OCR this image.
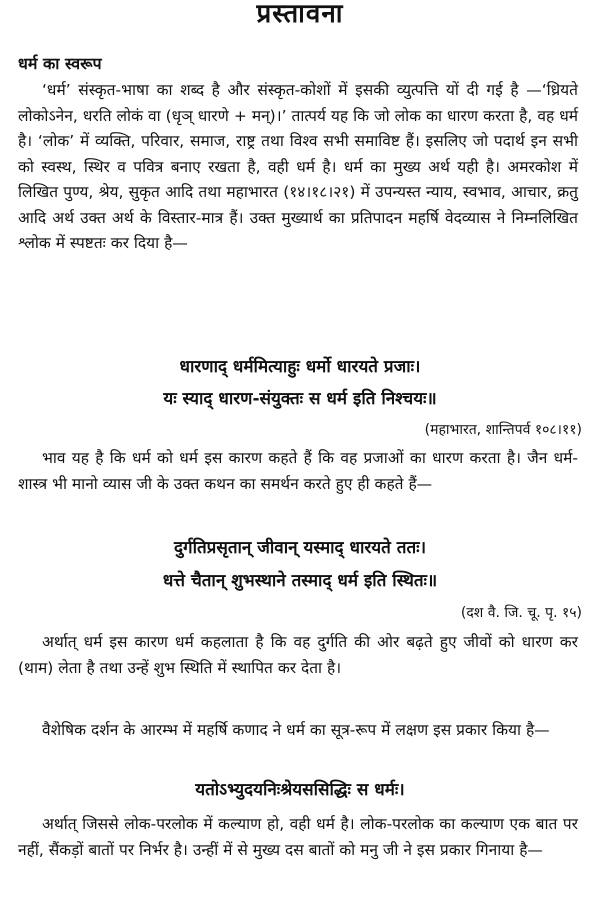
प्रस्तावना
धर्म का स्वरूप
‘धर्म’ संस्कृत-भाषा का शब्द है और संस्कृत-कोशों में इसकी व्युत्पत्ति यों दी गई है —‘ध्रियते लोकोऽनेन, धरति लोकं वा (धृञ् धारणे + मन्)।’ तात्पर्य यह कि जो लोक का धारण करता है, वह धर्म है। ‘लोक’ में व्यक्ति, परिवार, समाज, राष्ट्र तथा विश्व सभी समाविष्ट हैं। इसलिए जो पदार्थ इन सभी को स्वस्थ, स्थिर व पवित्र बनाए रखता है, वही धर्म है। धर्म का मुख्य अर्थ यही है। अमरकोश में लिखित पुण्य, श्रेय, सुकृत आदि तथा महाभारत (१४।१८।२१) में उपन्यस्त न्याय, स्वभाव, आचार, क्रतु आदि अर्थ उक्त अर्थ के विस्तार-मात्र हैं। उक्त मुख्यार्थ का प्रतिपादन महर्षि वेदव्यास ने निम्नलिखित श्लोक में स्पष्टतः कर दिया है—
धारणाद् धर्ममित्याहुः धर्मो धारयते प्रजाः।
यः स्याद् धारण-संयुक्तः स धर्म इति निश्चयः॥
(महाभारत, शान्तिपर्व १०८।११)
भाव यह है कि धर्म को धर्म इस कारण कहते हैं कि वह प्रजाओं का धारण करता है। जैन धर्म-शास्त्र भी मानो व्यास जी के उक्त कथन का समर्थन करते हुए ही कहते हैं—
दुर्गतिप्रसृतान् जीवान् यस्माद् धारयते ततः।
धत्ते चैतान् शुभस्थाने तस्माद् धर्म इति स्थितः॥
(दश वै. जि. चू. पृ. १५)
अर्थात् धर्म इस कारण धर्म कहलाता है कि वह दुर्गति की ओर बढ़ते हुए जीवों को धारण कर (थाम) लेता है तथा उन्हें शुभ स्थिति में स्थापित कर देता है।
वैशेषिक दर्शन के आरम्भ में महर्षि कणाद ने धर्म का सूत्र-रूप में लक्षण इस प्रकार किया है—
यतोऽभ्युदयनिःश्रेयससिद्धिः स धर्मः।
अर्थात् जिससे लोक-परलोक में कल्याण हो, वही धर्म है। लोक-परलोक का कल्याण एक बात पर नहीं, सैंकड़ों बातों पर निर्भर है। उन्हीं में से मुख्य दस बातों को मनु जी ने इस प्रकार गिनाया है—
